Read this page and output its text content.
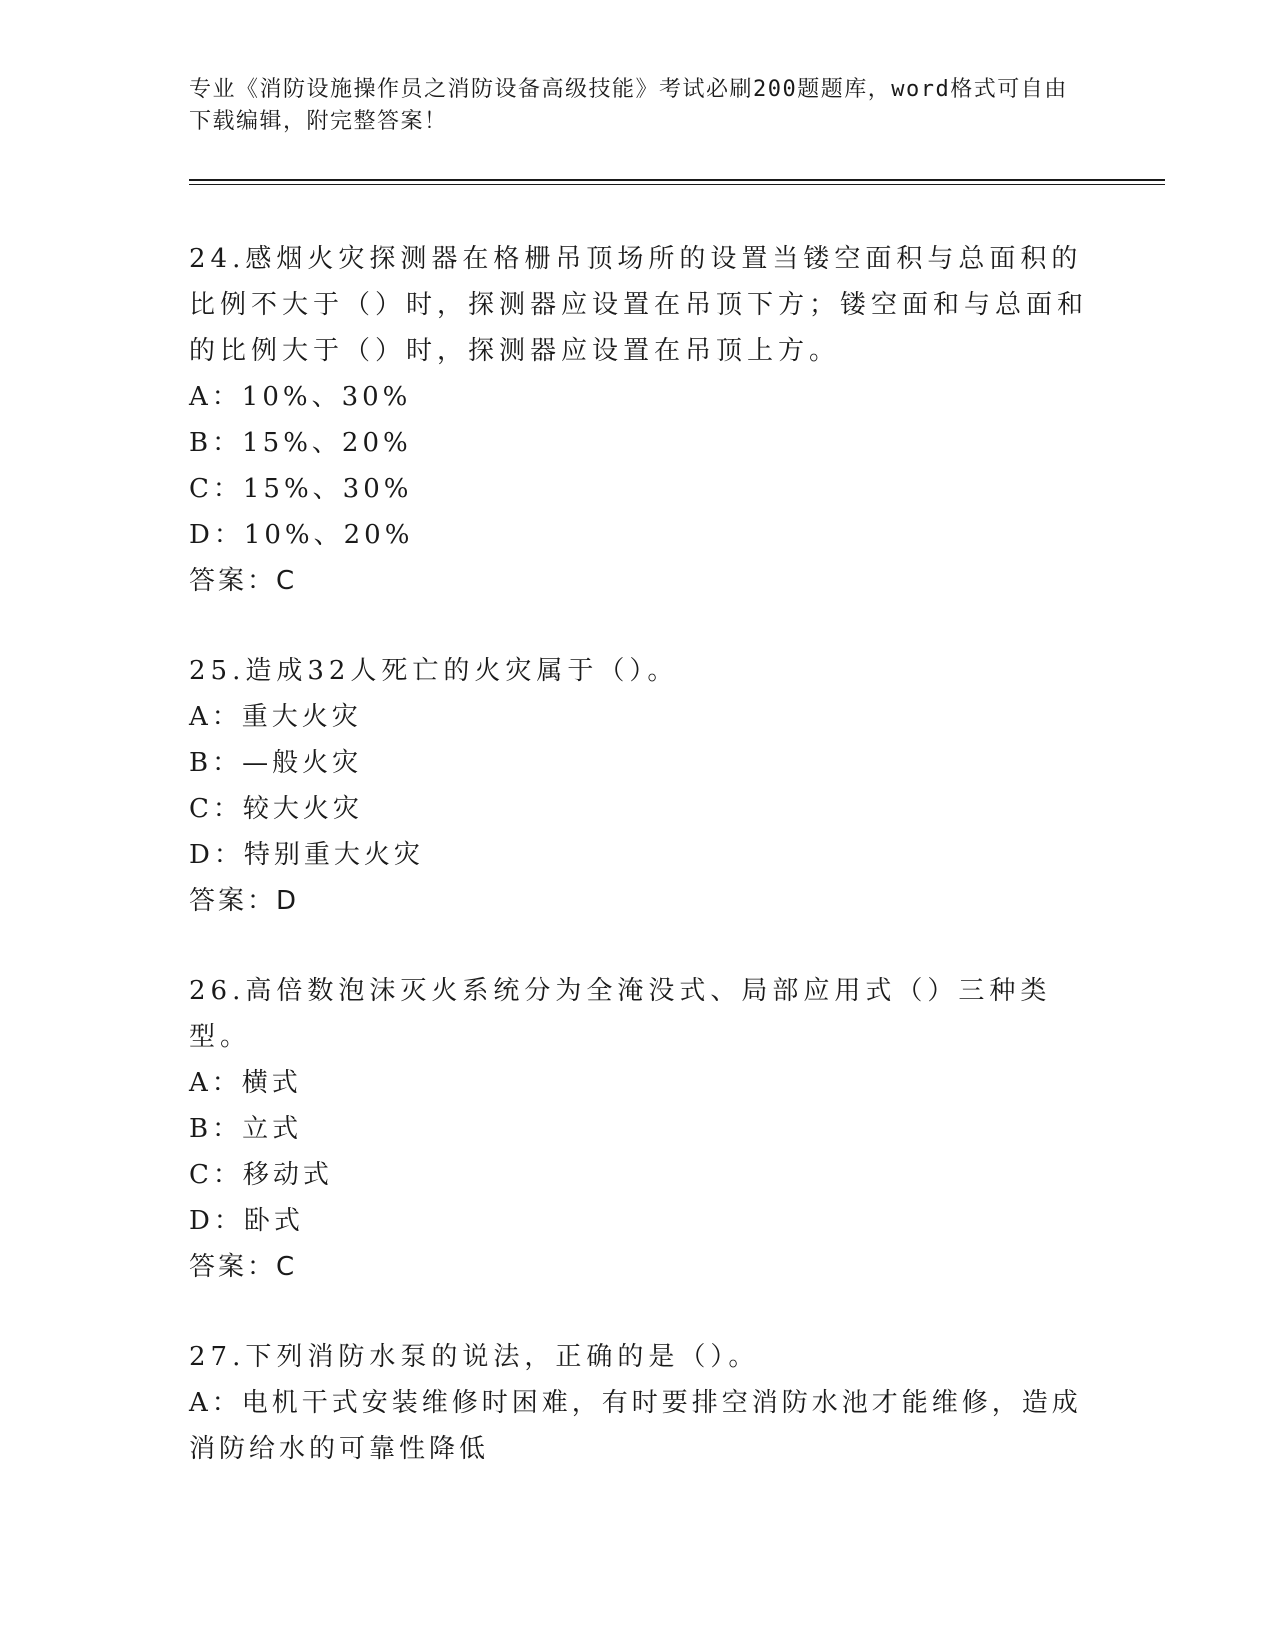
专业《消防设施操作员之消防设备高级技能》考试必刷200题题库，word格式可自由下载编辑，附完整答案！

24.感烟火灾探测器在格栅吊顶场所的设置当镂空面积与总面积的比例不大于（）时，探测器应设置在吊顶下方；镂空面和与总面和的比例大于（）时，探测器应设置在吊顶上方。

A：10%、30%

B：15%、20%

C：15%、30%

D：10%、20%

答案：C

25.造成32人死亡的火灾属于（）。

A：重大火灾

B：—般火灾

C：较大火灾

D：特别重大火灾

答案：D

26.高倍数泡沫灭火系统分为全淹没式、局部应用式（）三种类型。

A：横式

B：立式

C：移动式

D：卧式

答案：C

27.下列消防水泵的说法，正确的是（）。

A：电机干式安装维修时困难，有时要排空消防水池才能维修，造成消防给水的可靠性降低
